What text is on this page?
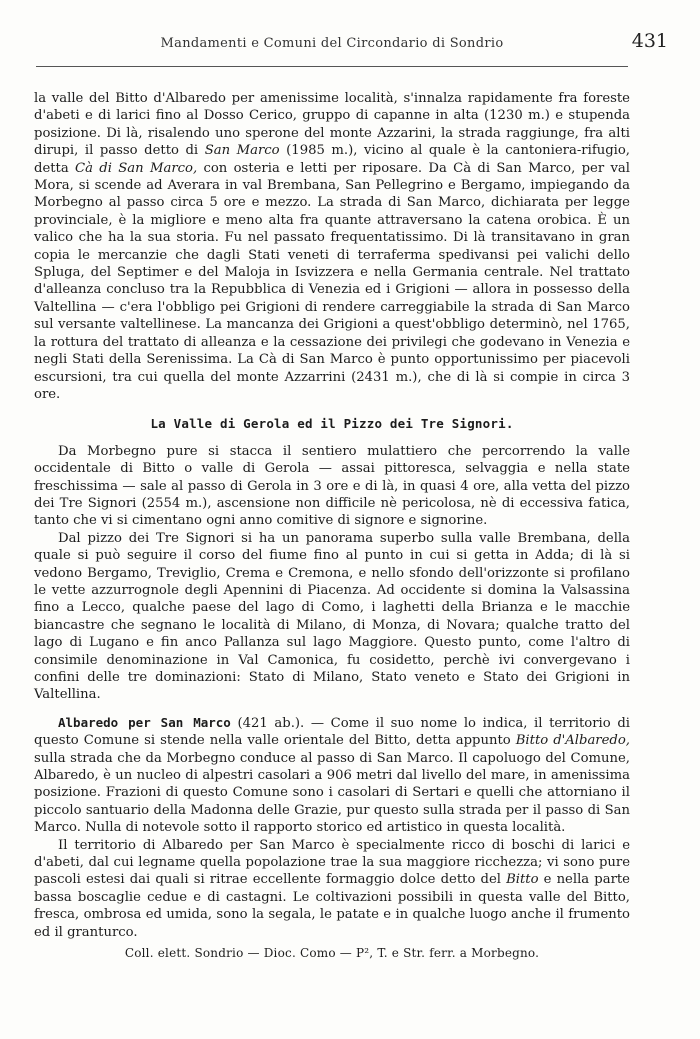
Mandamenti e Comuni del Circondario di Sondrio	431

la valle del Bitto d'Albaredo per amenissime località, s'innalza rapidamente fra foreste d'abeti e di larici fino al Dosso Cerico, gruppo di capanne in alta (1230 m.) e stupenda posizione. Di là, risalendo uno sperone del monte Azzarini, la strada raggiunge, fra alti dirupi, il passo detto di San Marco (1985 m.), vicino al quale è la cantoniera-rifugio, detta Cà di San Marco, con osteria e letti per riposare. Da Cà di San Marco, per val Mora, si scende ad Averara in val Brembana, San Pellegrino e Bergamo, impiegando da Morbegno al passo circa 5 ore e mezzo. La strada di San Marco, dichiarata per legge provinciale, è la migliore e meno alta fra quante attraversano la catena orobica. È un valico che ha la sua storia. Fu nel passato frequentatissimo. Di là transitavano in gran copia le mercanzie che dagli Stati veneti di terraferma spedivansi pei valichi dello Spluga, del Septimer e del Maloja in Isvizzera e nella Germania centrale. Nel trattato d'alleanza concluso tra la Repubblica di Venezia ed i Grigioni — allora in possesso della Valtellina — c'era l'obbligo pei Grigioni di rendere carreggiabile la strada di San Marco sul versante valtellinese. La mancanza dei Grigioni a quest'obbligo determinò, nel 1765, la rottura del trattato di alleanza e la cessazione dei privilegi che godevano in Venezia e negli Stati della Serenissima. La Cà di San Marco è punto opportunissimo per piacevoli escursioni, tra cui quella del monte Azzarrini (2431 m.), che di là si compie in circa 3 ore.

La Valle di Gerola ed il Pizzo dei Tre Signori.

Da Morbegno pure si stacca il sentiero mulattiero che percorrendo la valle occidentale di Bitto o valle di Gerola — assai pittoresca, selvaggia e nella state freschissima — sale al passo di Gerola in 3 ore e di là, in quasi 4 ore, alla vetta del pizzo dei Tre Signori (2554 m.), ascensione non difficile nè pericolosa, nè di eccessiva fatica, tanto che vi si cimentano ogni anno comitive di signore e signorine.

Dal pizzo dei Tre Signori si ha un panorama superbo sulla valle Brembana, della quale si può seguire il corso del fiume fino al punto in cui si getta in Adda; di là si vedono Bergamo, Treviglio, Crema e Cremona, e nello sfondo dell'orizzonte si profilano le vette azzurrognole degli Apennini di Piacenza. Ad occidente si domina la Valsassina fino a Lecco, qualche paese del lago di Como, i laghetti della Brianza e le macchie biancastre che segnano le località di Milano, di Monza, di Novara; qualche tratto del lago di Lugano e fin anco Pallanza sul lago Maggiore. Questo punto, come l'altro di consimile denominazione in Val Camonica, fu cosidetto, perchè ivi convergevano i confini delle tre dominazioni: Stato di Milano, Stato veneto e Stato dei Grigioni in Valtellina.

Albaredo per San Marco (421 ab.). — Come il suo nome lo indica, il territorio di questo Comune si stende nella valle orientale del Bitto, detta appunto Bitto d'Albaredo, sulla strada che da Morbegno conduce al passo di San Marco. Il capoluogo del Comune, Albaredo, è un nucleo di alpestri casolari a 906 metri dal livello del mare, in amenissima posizione. Frazioni di questo Comune sono i casolari di Sertari e quelli che attorniano il piccolo santuario della Madonna delle Grazie, pur questo sulla strada per il passo di San Marco. Nulla di notevole sotto il rapporto storico ed artistico in questa località.

Il territorio di Albaredo per San Marco è specialmente ricco di boschi di larici e d'abeti, dal cui legname quella popolazione trae la sua maggiore ricchezza; vi sono pure pascoli estesi dai quali si ritrae eccellente formaggio dolce detto del Bitto e nella parte bassa boscaglie cedue e di castagni. Le coltivazioni possibili in questa valle del Bitto, fresca, ombrosa ed umida, sono la segala, le patate e in qualche luogo anche il frumento ed il granturco.

Coll. elett. Sondrio — Dioc. Como — P², T. e Str. ferr. a Morbegno.
